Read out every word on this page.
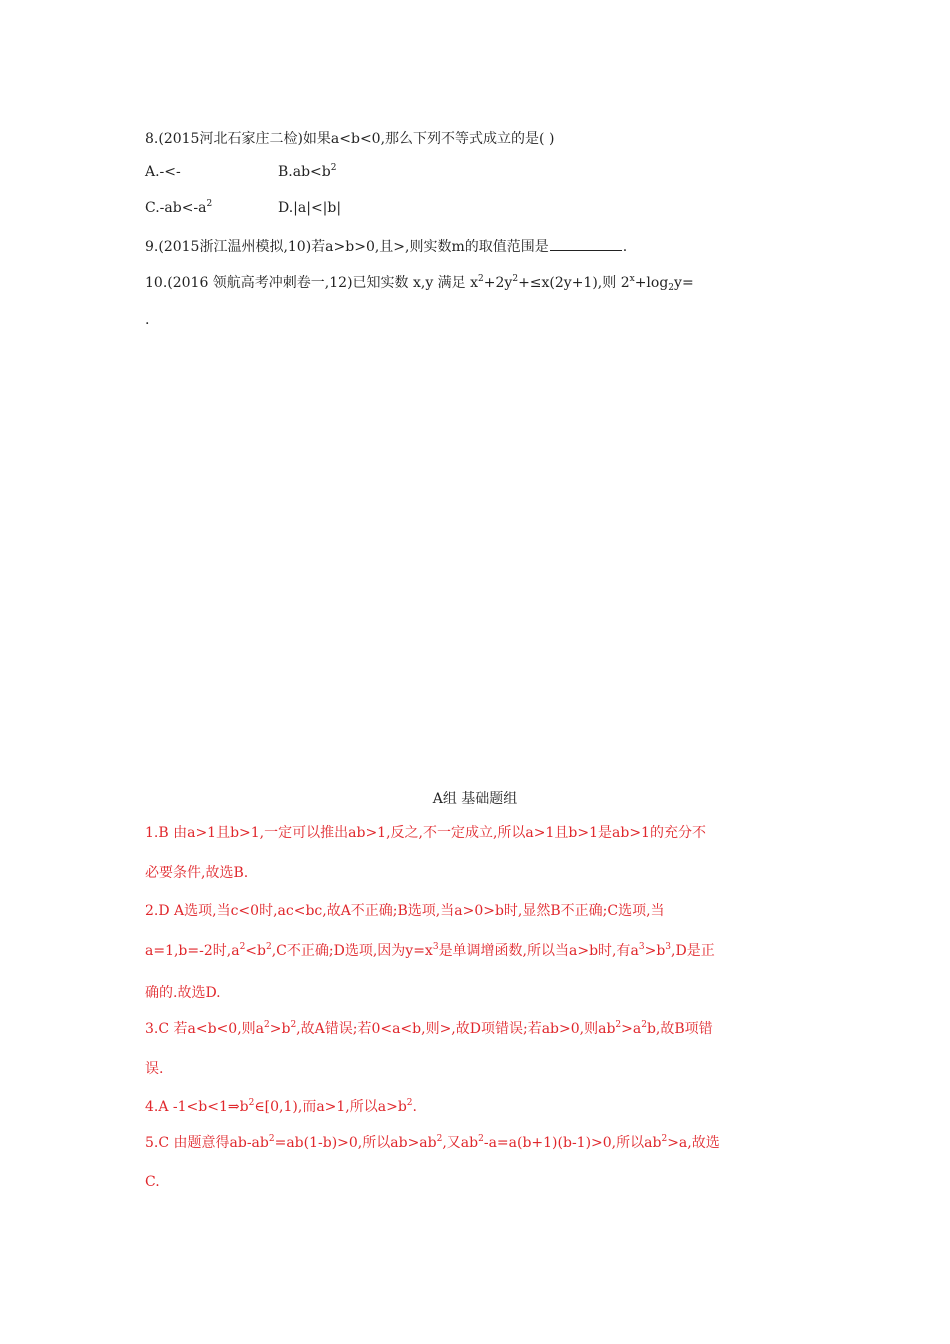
8.(2015河北石家庄二检)如果a<b<0,那么下列不等式成立的是( )
A.-<-	$B.ab<b^2$
$C.-ab<-a^2$	D.|a|<|b|
9.(2015浙江温州模拟,10)若a>b>0,且>,则实数m的取值范围是	.
10.(2016 领航高考冲刺卷一,12)已知实数 x,y 满足 $x^2+2y^2+\le x(2y+1)$,则 $2^x+\log_2y=$
.
A组 基础题组
1.B 由a>1且b>1,一定可以推出ab>1,反之,不一定成立,所以a>1且b>1是ab>1的充分不
必要条件,故选B.
2.D A选项,当c<0时,ac<bc,故A不正确;B选项,当a>0>b时,显然B不正确;C选项,当
a=1,b=-2时$,a^2<b^2,C$不正确;D选项,因为$y=x^3$是单调增函数,所以当a>b时,有$a^3>b^3,D$是正
确的.故选D.
3.C 若a<b<0,则$a^2>b^2$,故A错误;若0<a<b,则>,故D项错误;若ab>0,则$ab^2>a^2b$,故B项错
误.
4.A $-1<b<1\Rightarrow b^2\in[0,1)$,而a>1,所以$a>b^2$.
5.C 由题意得$ab-ab^2=ab(1-b)>0$,所以$ab>ab^2$,又$ab^2-a=a(b+1)(b-1)>0$,所以$ab^2>a$,故选
C.
